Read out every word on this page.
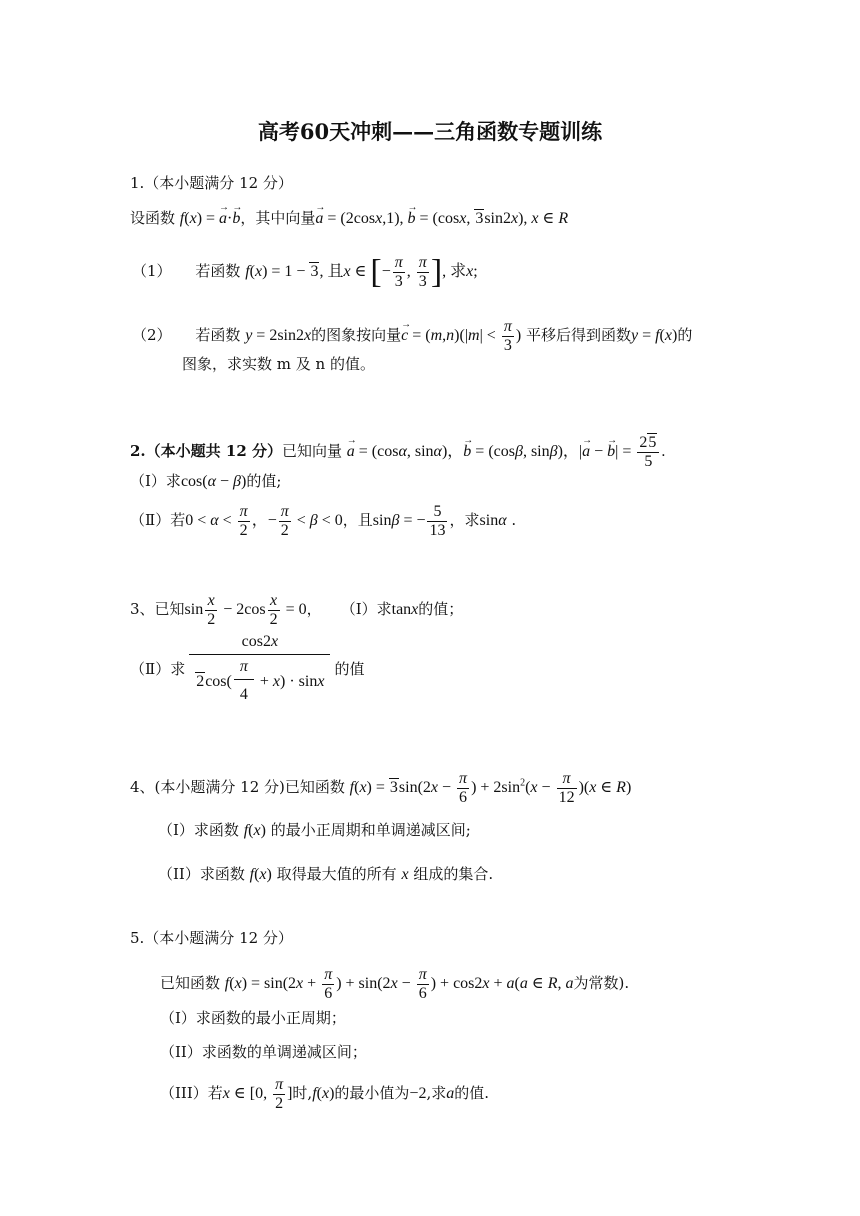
高考60天冲刺——三角函数专题训练
1.（本小题满分 12 分）
设函数 f(x) = → a·→ b，其中向量→ a = (2cosx,1), → b = (cosx, 3sin2x), x ∈ R
（1） 若函数 f(x) = 1 − 3, 且x ∈ [− $\frac{\pi}{3}$ , $\frac{\pi}{3}$ ], 求x;
（2） 若函数 y = 2sin2x的图象按向量→ $c = (m,n)(|m| < \frac{\pi}{3}$ ) 平移后得到函数y = f(x)的
图象，求实数 m 及 n 的值。
2.（本小题共 12 分）已知向量 → a = (cosα, sinα)，→ b = (cosβ, sinβ)，|→ a − → $b| = \frac{25}{5}$ .
（Ⅰ）求cos(α − β)的值;
（Ⅱ）若$0 < \alpha < \frac{\pi}{2}$ ，− $\frac{\pi}{2} < \beta < 0$，且sinβ = − $\frac{5}{13}$ ，求sinα .
3、已知$\sin \frac{x}{2} - 2\cos \frac{x}{2} = 0$，    （Ⅰ）求tanx的值；
（Ⅱ）求 $\frac{\cos 2x}{2\cos( \frac{\pi}{4} + x) \cdot \sin x}$ 的值
4、(本小题满分 12 分)已知函数 $f(x) = 3\sin(2x - \frac{\pi}{6}$ ) + $2\sin^2(x - \frac{\pi}{12} )(x$ ∈ R)
（I）求函数 f(x) 的最小正周期和单调递减区间;
（II）求函数 f(x) 取得最大值的所有 x 组成的集合.
5.（本小题满分 12 分）
已知函数 $f(x) = \sin(2x + \frac{\pi}{6}$ ) + $\sin(2x - \frac{\pi}{6}$ ) + cos2x + a(a ∈ R, a为常数).
（I）求函数的最小正周期；
（II）求函数的单调递减区间；
（III）若x ∈ [0, $\frac{\pi}{2}$ ]时,f(x)的最小值为−2,求a的值.
